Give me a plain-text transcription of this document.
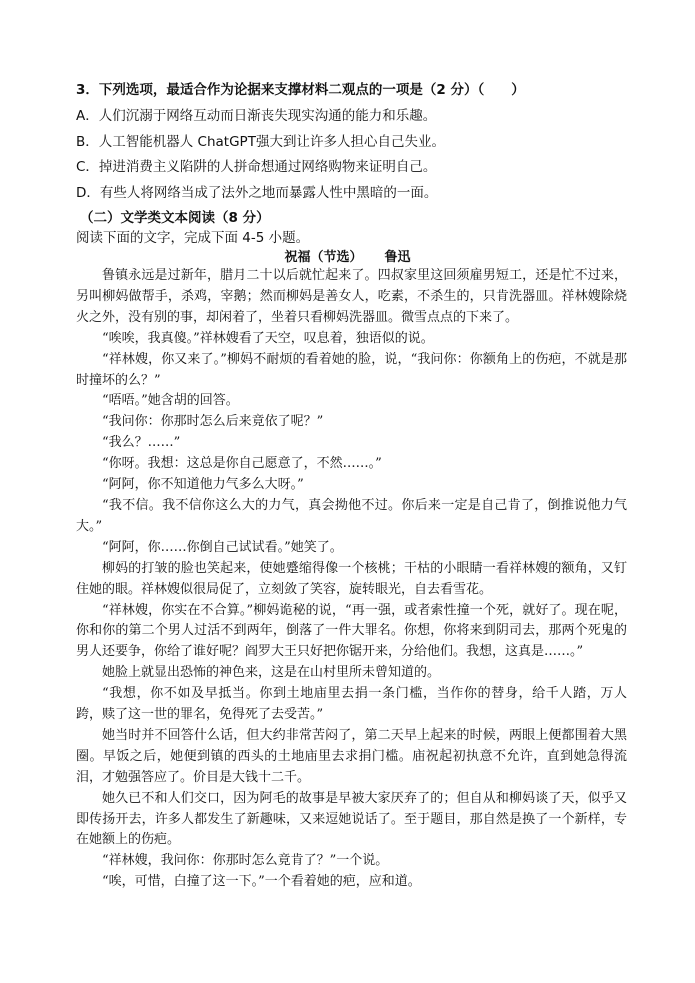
3．下列选项，最适合作为论据来支撑材料二观点的一项是（2 分）（　　）
A．人们沉溺于网络互动而日渐丧失现实沟通的能力和乐趣。
B．人工智能机器人 ChatGPT强大到让许多人担心自己失业。
C．掉进消费主义陷阱的人拼命想通过网络购物来证明自己。
D．有些人将网络当成了法外之地而暴露人性中黑暗的一面。
（二）文学类文本阅读（8 分）
阅读下面的文字，完成下面 4-5 小题。
祝福（节选） 鲁迅

鲁镇永远是过新年，腊月二十以后就忙起来了。四叔家里这回须雇男短工，还是忙不过来，另叫柳妈做帮手，杀鸡，宰鹅；然而柳妈是善女人，吃素，不杀生的，只肯洗器皿。祥林嫂除烧火之外，没有别的事，却闲着了，坐着只看柳妈洗器皿。微雪点点的下来了。

“唉唉，我真傻。”祥林嫂看了天空，叹息着，独语似的说。

“祥林嫂，你又来了。”柳妈不耐烦的看着她的脸，说，“我问你：你额角上的伤疤，不就是那时撞坏的么？”

“唔唔。”她含胡的回答。

“我问你：你那时怎么后来竟依了呢？”

“我么？……”

“你呀。我想：这总是你自己愿意了，不然……。”

“阿阿，你不知道他力气多么大呀。”

“我不信。我不信你这么大的力气，真会拗他不过。你后来一定是自己肯了，倒推说他力气大。”

“阿阿，你……你倒自己试试看。”她笑了。

柳妈的打皱的脸也笑起来，使她蹙缩得像一个核桃；干枯的小眼睛一看祥林嫂的额角，又钉住她的眼。祥林嫂似很局促了，立刻敛了笑容，旋转眼光，自去看雪花。

“祥林嫂，你实在不合算。”柳妈诡秘的说，“再一强，或者索性撞一个死，就好了。现在呢，你和你的第二个男人过活不到两年，倒落了一件大罪名。你想，你将来到阴司去，那两个死鬼的男人还要争，你给了谁好呢？阎罗大王只好把你锯开来，分给他们。我想，这真是……。”

她脸上就显出恐怖的神色来，这是在山村里所未曾知道的。

“我想，你不如及早抵当。你到土地庙里去捐一条门槛，当作你的替身，给千人踏，万人跨，赎了这一世的罪名，免得死了去受苦。”

她当时并不回答什么话，但大约非常苦闷了，第二天早上起来的时候，两眼上便都围着大黑圈。早饭之后，她便到镇的西头的土地庙里去求捐门槛。庙祝起初执意不允许，直到她急得流泪，才勉强答应了。价目是大钱十二千。

她久已不和人们交口，因为阿毛的故事是早被大家厌弃了的；但自从和柳妈谈了天，似乎又即传扬开去，许多人都发生了新趣味，又来逗她说话了。至于题目，那自然是换了一个新样，专在她额上的伤疤。

“祥林嫂，我问你：你那时怎么竟肯了？”一个说。

“唉，可惜，白撞了这一下。”一个看着她的疤，应和道。
